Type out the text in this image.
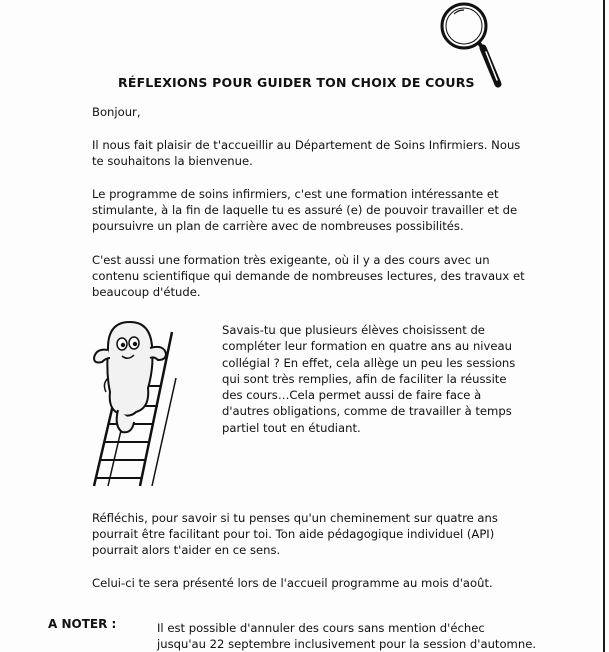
RÉFLEXIONS POUR GUIDER TON CHOIX DE COURS

Bonjour,

Il nous fait plaisir de t'accueillir au Département de Soins Infirmiers. Nous te souhaitons la bienvenue.

Le programme de soins infirmiers, c'est une formation intéressante et stimulante, à la fin de laquelle tu es assuré (e) de pouvoir travailler et de poursuivre un plan de carrière avec de nombreuses possibilités.

C'est aussi une formation très exigeante, où il y a des cours avec un contenu scientifique qui demande de nombreuses lectures, des travaux et beaucoup d'étude.

Savais-tu que plusieurs élèves choisissent de compléter leur formation en quatre ans au niveau collégial ? En effet, cela allège un peu les sessions qui sont très remplies, afin de faciliter la réussite des cours…Cela permet aussi de faire face à d'autres obligations, comme de travailler à temps partiel tout en étudiant.

Réfléchis, pour savoir si tu penses qu'un cheminement sur quatre ans pourrait être facilitant pour toi. Ton aide pédagogique individuel (API) pourrait alors t'aider en ce sens.

Celui-ci te sera présenté lors de l'accueil programme au mois d'août.

A NOTER :	Il est possible d'annuler des cours sans mention d'échec jusqu'au 22 septembre inclusivement pour la session d'automne.
